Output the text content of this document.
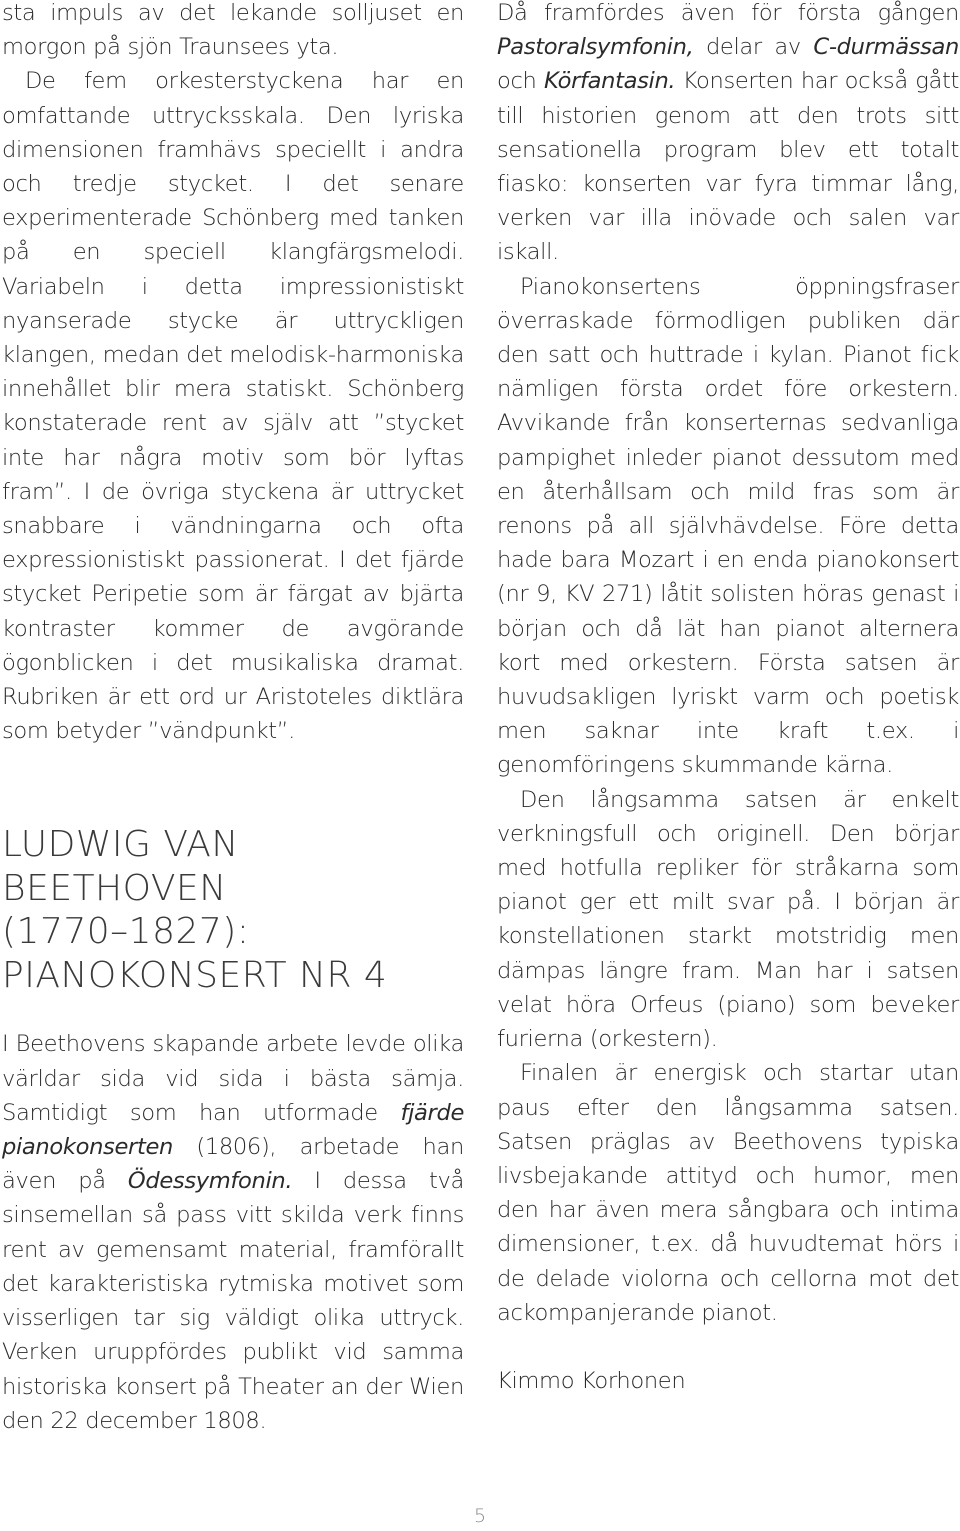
sta impuls av det lekande solljuset en morgon på sjön Traunsees yta.

De fem orkesterstyckena har en omfattande uttrycksskala. Den lyriska dimensionen framhävs speciellt i andra och tredje stycket. I det senare experimenterade Schönberg med tanken på en speciell klangfärgsmelodi. Variabeln i detta impressionistiskt nyanserade stycke är uttryckligen klangen, medan det melodisk-harmoniska innehållet blir mera statiskt. Schönberg konstaterade rent av själv att ”stycket inte har några motiv som bör lyftas fram”. I de övriga styckena är uttrycket snabbare i vändningarna och ofta expressionistiskt passionerat. I det fjärde stycket Peripetie som är färgat av bjärta kontraster kommer de avgörande ögonblicken i det musikaliska dramat. Rubriken är ett ord ur Aristoteles diktlära som betyder ”vändpunkt”.

LUDWIG VAN
BEETHOVEN
(1770–1827):
PIANOKONSERT NR 4

I Beethovens skapande arbete levde olika världar sida vid sida i bästa sämja. Samtidigt som han utformade fjärde pianokonserten (1806), arbetade han även på Ödessymfonin. I dessa två sinsemellan så pass vitt skilda verk finns rent av gemensamt material, framförallt det karakteristiska rytmiska motivet som visserligen tar sig väldigt olika uttryck. Verken uruppfördes publikt vid samma historiska konsert på Theater an der Wien den 22 december 1808.

Då framfördes även för första gången Pastoralsymfonin, delar av C-durmässan och Körfantasin. Konserten har också gått till historien genom att den trots sitt sensationella program blev ett totalt fiasko: konserten var fyra timmar lång, verken var illa inövade och salen var iskall.

Pianokonsertens öppningsfraser överraskade förmodligen publiken där den satt och huttrade i kylan. Pianot fick nämligen första ordet före orkestern. Avvikande från konserternas sedvanliga pampighet inleder pianot dessutom med en återhållsam och mild fras som är renons på all självhävdelse. Före detta hade bara Mozart i en enda pianokonsert (nr 9, KV 271) låtit solisten höras genast i början och då lät han pianot alternera kort med orkestern. Första satsen är huvudsakligen lyriskt varm och poetisk men saknar inte kraft t.ex. i genomföringens skummande kärna.

Den långsamma satsen är enkelt verkningsfull och originell. Den börjar med hotfulla repliker för stråkarna som pianot ger ett milt svar på. I början är konstellationen starkt motstridig men dämpas längre fram. Man har i satsen velat höra Orfeus (piano) som beveker furierna (orkestern).

Finalen är energisk och startar utan paus efter den långsamma satsen. Satsen präglas av Beethovens typiska livsbejakande attityd och humor, men den har även mera sångbara och intima dimensioner, t.ex. då huvudtemat hörs i de delade violorna och cellorna mot det ackompanjerande pianot.

Kimmo Korhonen

5
